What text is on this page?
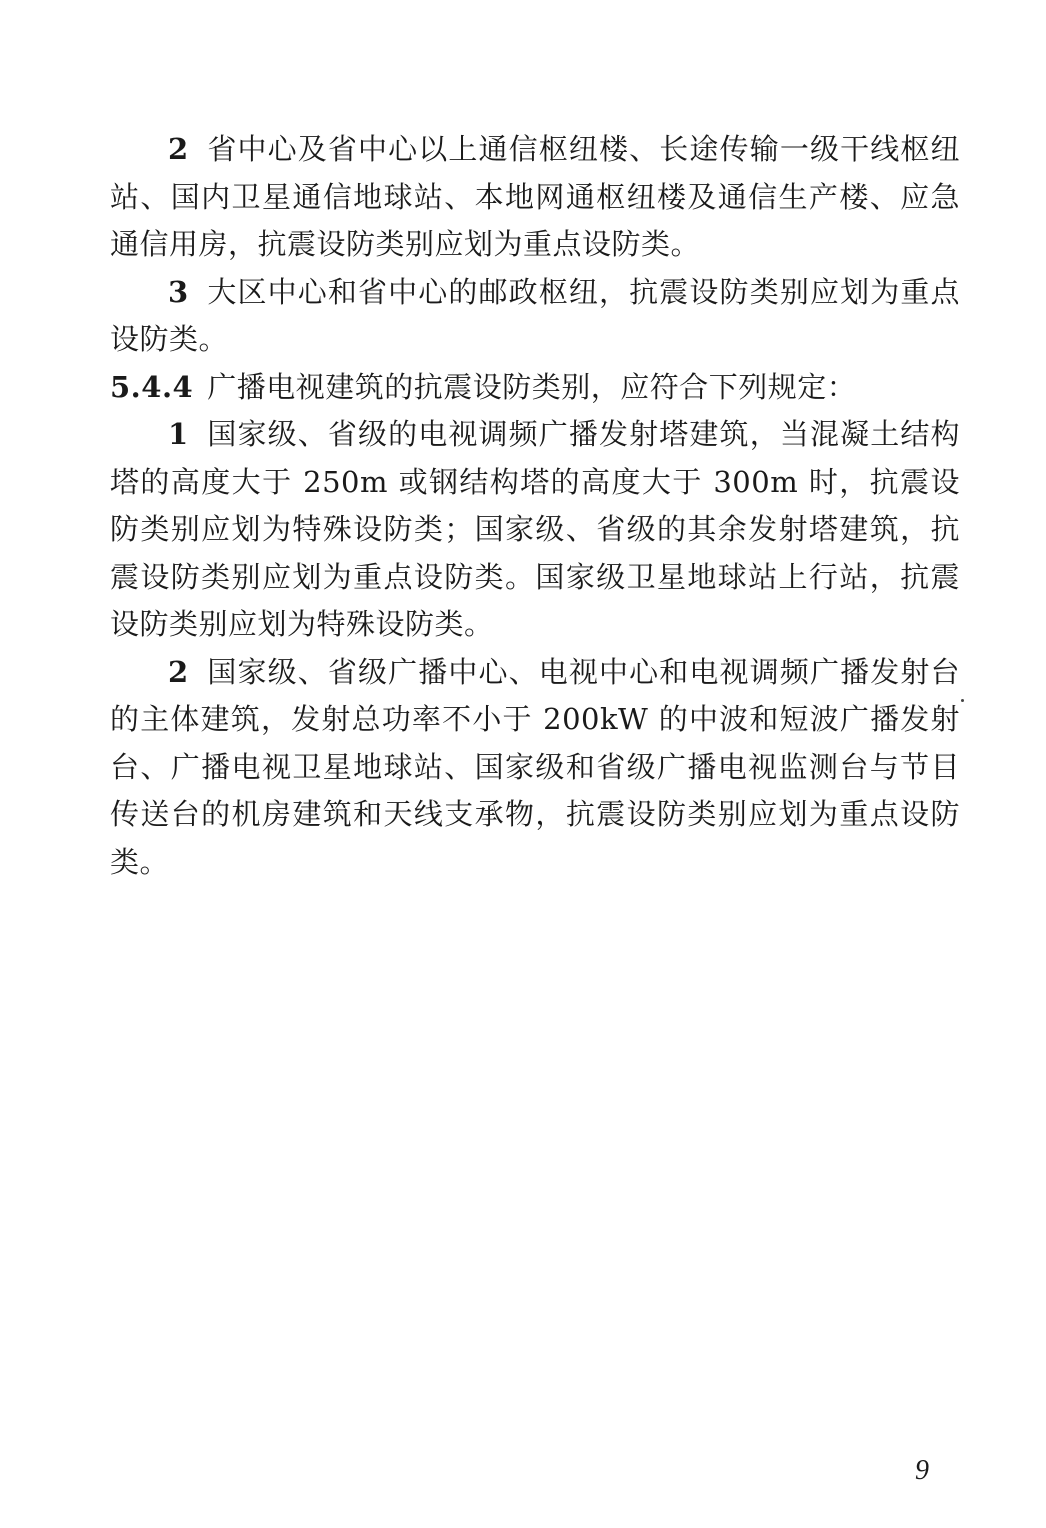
2 省中心及省中心以上通信枢纽楼、长途传输一级干线枢纽站、国内卫星通信地球站、本地网通枢纽楼及通信生产楼、应急通信用房，抗震设防类别应划为重点设防类。

3 大区中心和省中心的邮政枢纽，抗震设防类别应划为重点设防类。

5.4.4 广播电视建筑的抗震设防类别，应符合下列规定：

1 国家级、省级的电视调频广播发射塔建筑，当混凝土结构塔的高度大于 250m 或钢结构塔的高度大于 300m 时，抗震设防类别应划为特殊设防类；国家级、省级的其余发射塔建筑，抗震设防类别应划为重点设防类。国家级卫星地球站上行站，抗震设防类别应划为特殊设防类。

2 国家级、省级广播中心、电视中心和电视调频广播发射台的主体建筑，发射总功率不小于 200kW 的中波和短波广播发射台、广播电视卫星地球站、国家级和省级广播电视监测台与节目传送台的机房建筑和天线支承物，抗震设防类别应划为重点设防类。

9
